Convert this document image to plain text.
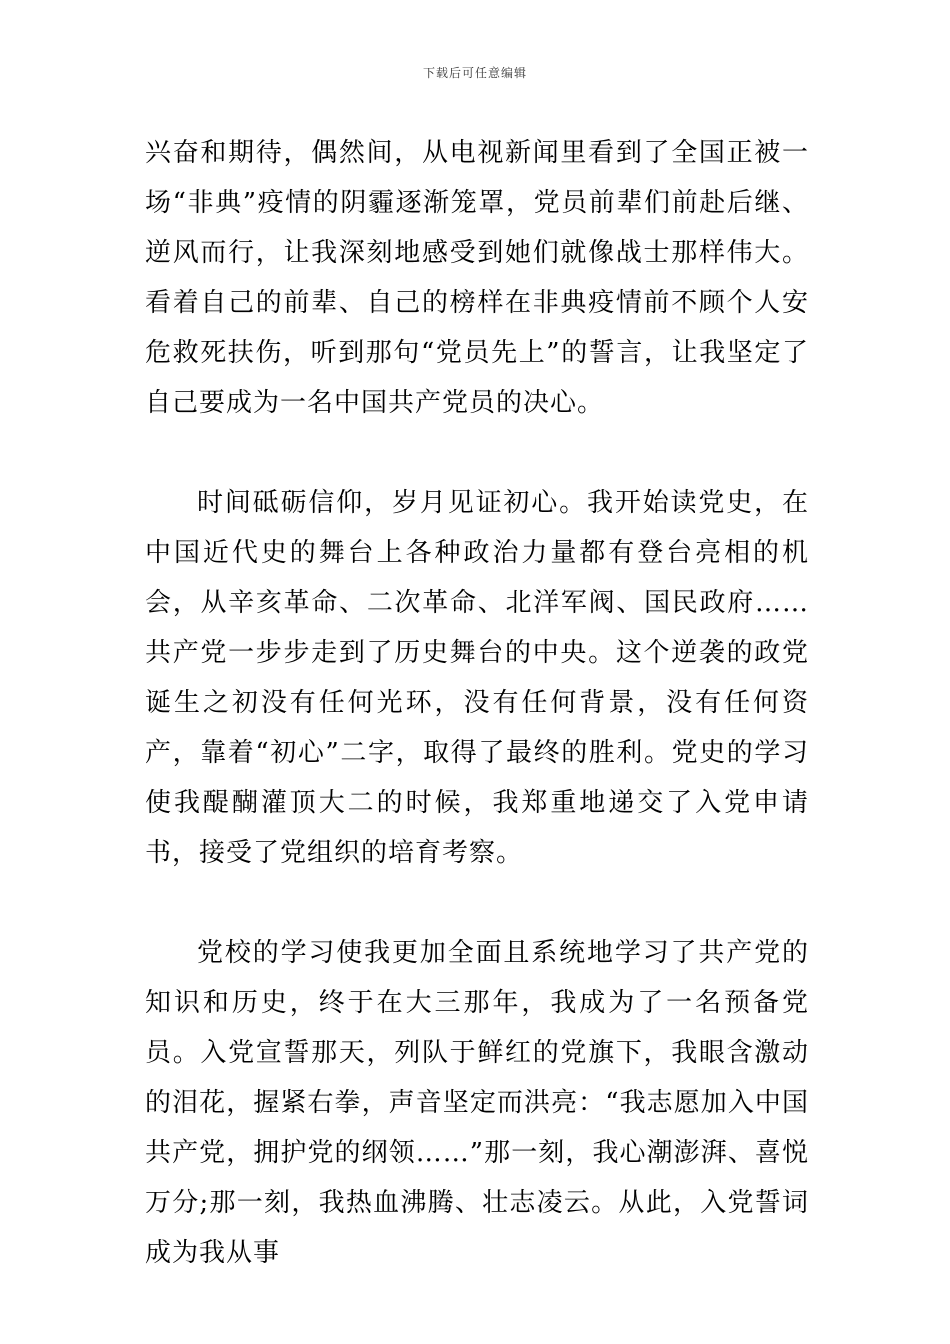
下载后可任意编辑

兴奋和期待，偶然间，从电视新闻里看到了全国正被一场“非典”疫情的阴霾逐渐笼罩，党员前辈们前赴后继、逆风而行，让我深刻地感受到她们就像战士那样伟大。看着自己的前辈、自己的榜样在非典疫情前不顾个人安危救死扶伤，听到那句“党员先上”的誓言，让我坚定了自己要成为一名中国共产党员的决心。

时间砥砺信仰，岁月见证初心。我开始读党史，在中国近代史的舞台上各种政治力量都有登台亮相的机会，从辛亥革命、二次革命、北洋军阀、国民政府……共产党一步步走到了历史舞台的中央。这个逆袭的政党诞生之初没有任何光环，没有任何背景，没有任何资产，靠着“初心”二字，取得了最终的胜利。党史的学习使我醍醐灌顶大二的时候，我郑重地递交了入党申请书，接受了党组织的培育考察。

党校的学习使我更加全面且系统地学习了共产党的知识和历史，终于在大三那年，我成为了一名预备党员。入党宣誓那天，列队于鲜红的党旗下，我眼含激动的泪花，握紧右拳，声音坚定而洪亮：“我志愿加入中国共产党，拥护党的纲领……”那一刻，我心潮澎湃、喜悦万分;那一刻，我热血沸腾、壮志凌云。从此，入党誓词成为我从事
